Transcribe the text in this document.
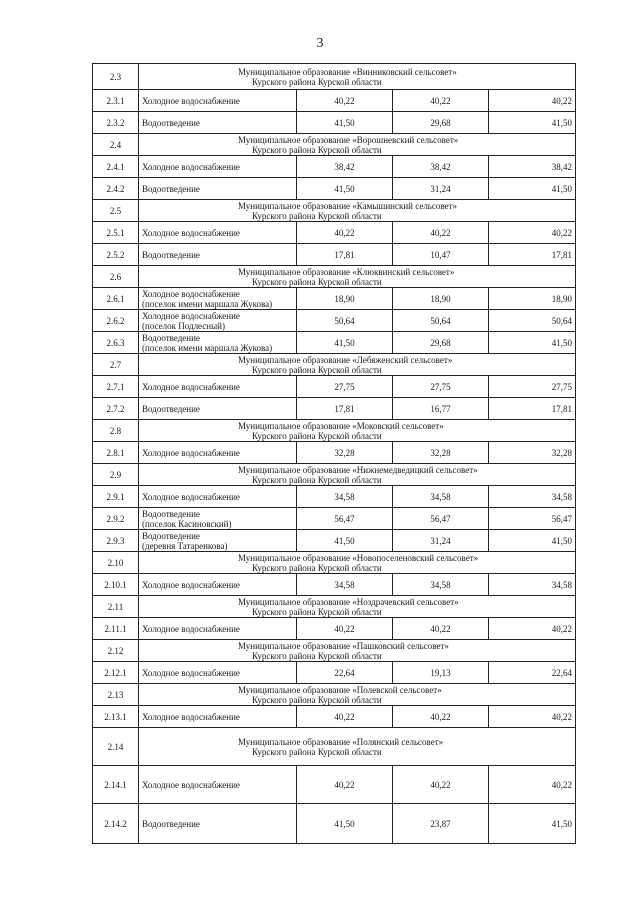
3
2.3	Муниципальное образование «Винниковский сельсовет»
Курского района Курской области			

2.3.1	Холодное водоснабжение	40,22	40,22	40,22
2.3.2	Водоотведение	41,50	29,68	41,50
2.4	Муниципальное образование «Ворошневский сельсовет»
Курского района Курской области			

2.4.1	Холодное водоснабжение	38,42	38,42	38,42
2.4.2	Водоотведение	41,50	31,24	41,50
2.5	Муниципальное образование «Камышинский сельсовет»
Курского района Курской области			

2.5.1	Холодное водоснабжение	40,22	40,22	40,22
2.5.2	Водоотведение	17,81	10,47	17,81
2.6	Муниципальное образование «Клюквинский сельсовет»
Курского района Курской области			

2.6.1	Холодное водоснабжение
(поселок имени маршала Жукова)	18,90	18,90	18,90
2.6.2	Холодное водоснабжение
(поселок Подлесный)	50,64	50,64	50,64
2.6.3	Водоотведение
(поселок имени маршала Жукова)	41,50	29,68	41,50
2.7	Муниципальное образование «Лебяженский сельсовет»
Курского района Курской области			

2.7.1	Холодное водоснабжение	27,75	27,75	27,75
2.7.2	Водоотведение	17,81	16,77	17,81
2.8	Муниципальное образование «Моковский сельсовет»
Курского района Курской области			

2.8.1	Холодное водоснабжение	32,28	32,28	32,28
2.9	Муниципальное образование «Нижнемедведицкий сельсовет»
Курского района Курской области			

2.9.1	Холодное водоснабжение	34,58	34,58	34,58
2.9.2	Водоотведение
(поселок Касиновский)	56,47	56,47	56,47
2.9.3	Водоотведение
(деревня Татаренкова)	41,50	31,24	41,50
2.10	Муниципальное образование «Новопоселеновский сельсовет»
Курского района Курской области			

2.10.1	Холодное водоснабжение	34,58	34,58	34,58
2.11	Муниципальное образование «Ноздрачевский сельсовет»
Курского района Курской области			

2.11.1	Холодное водоснабжение	40,22	40,22	40,22
2.12	Муниципальное образование «Пашковский сельсовет»
Курского района Курской области			

2.12.1	Холодное водоснабжение	22,64	19,13	22,64
2.13	Муниципальное образование «Полевской сельсовет»
Курского района Курской области			

2.13.1	Холодное водоснабжение	40,22	40,22	40,22
2.14	Муниципальное образование «Полянский сельсовет»
Курского района Курской области			

2.14.1	Холодное водоснабжение	40,22	40,22	40,22
2.14.2	Водоотведение	41,50	23,87	41,50
